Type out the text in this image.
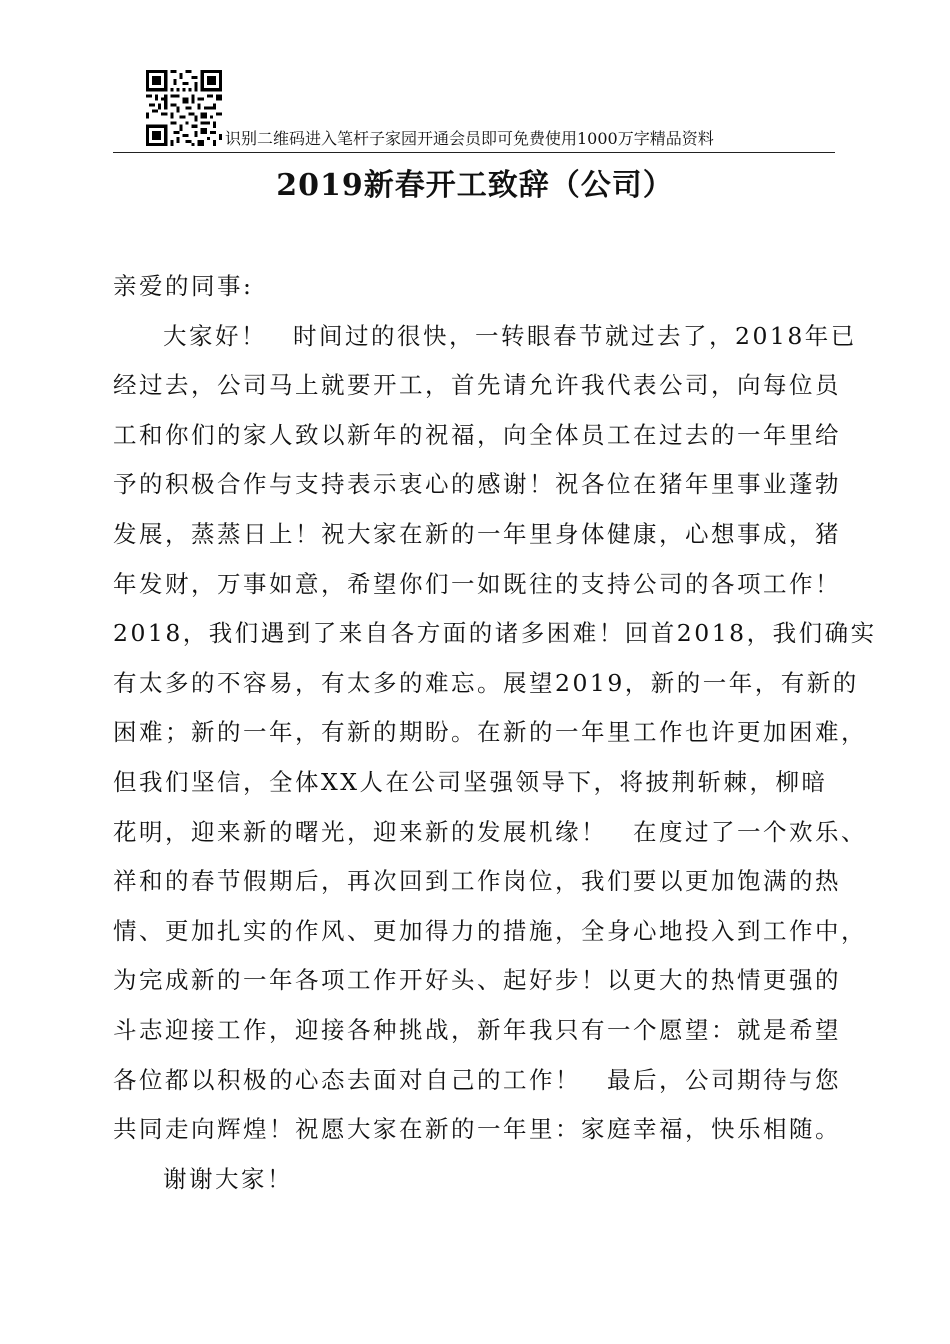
识别二维码进入笔杆子家园开通会员即可免费使用1000万字精品资料
2019新春开工致辞（公司）

亲爱的同事:

大家好！　时间过的很快，一转眼春节就过去了，2018年已

经过去，公司马上就要开工，首先请允许我代表公司，向每位员

工和你们的家人致以新年的祝福，向全体员工在过去的一年里给

予的积极合作与支持表示衷心的感谢！祝各位在猪年里事业蓬勃

发展，蒸蒸日上！祝大家在新的一年里身体健康，心想事成，猪

年发财，万事如意，希望你们一如既往的支持公司的各项工作！

2018，我们遇到了来自各方面的诸多困难！回首2018，我们确实

有太多的不容易，有太多的难忘。展望2019，新的一年，有新的

困难；新的一年，有新的期盼。在新的一年里工作也许更加困难，

但我们坚信，全体XX人在公司坚强领导下，将披荆斩棘，柳暗

花明，迎来新的曙光，迎来新的发展机缘！　在度过了一个欢乐、

祥和的春节假期后，再次回到工作岗位，我们要以更加饱满的热

情、更加扎实的作风、更加得力的措施，全身心地投入到工作中，

为完成新的一年各项工作开好头、起好步！以更大的热情更强的

斗志迎接工作，迎接各种挑战，新年我只有一个愿望：就是希望

各位都以积极的心态去面对自己的工作！　最后，公司期待与您

共同走向辉煌！祝愿大家在新的一年里：家庭幸福，快乐相随。

谢谢大家！
